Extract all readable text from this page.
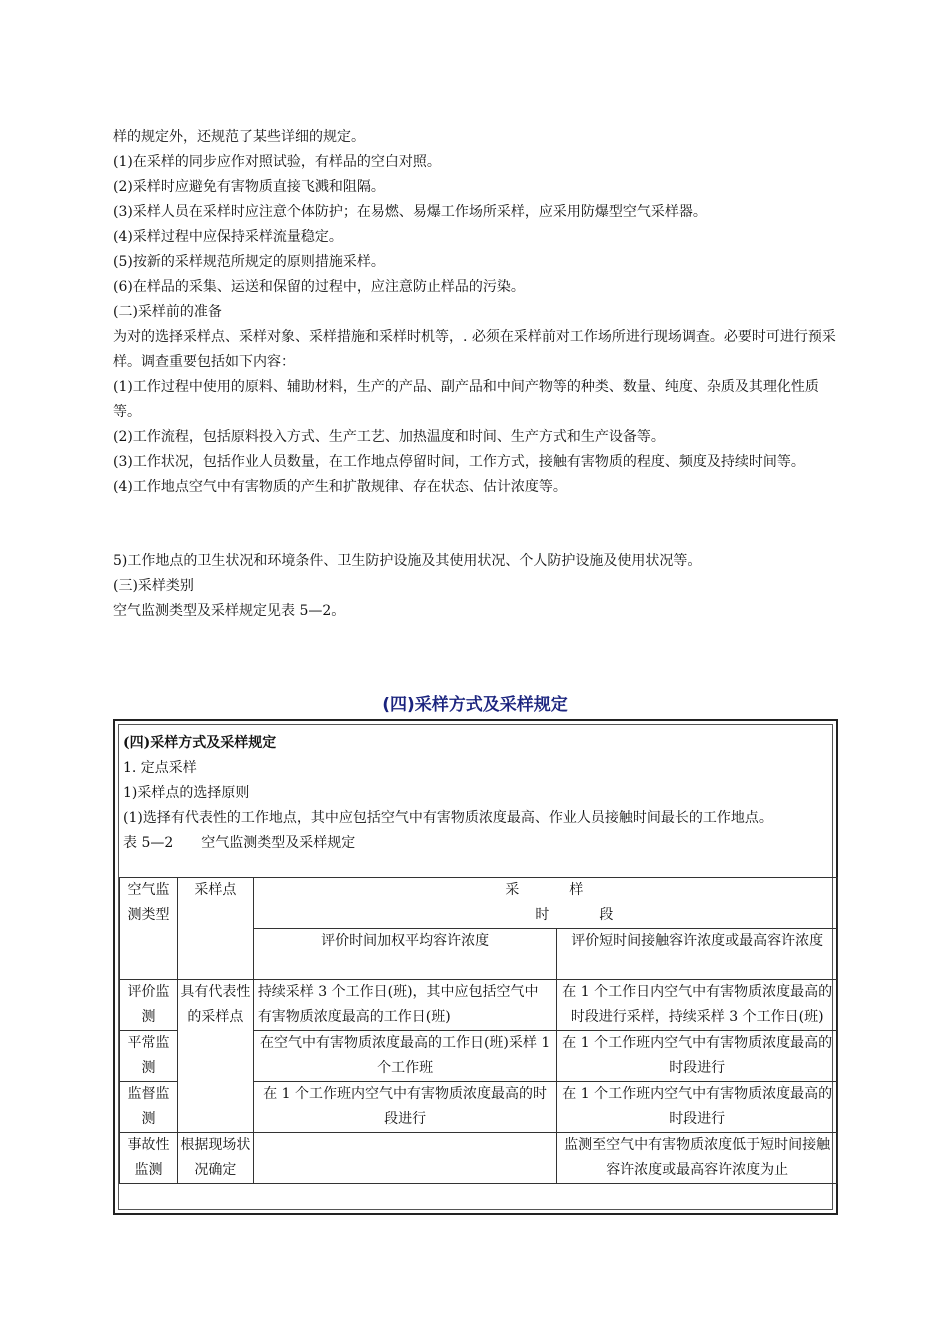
样的规定外，还规范了某些详细的规定。

(1)在采样的同步应作对照试验，有样品的空白对照。

(2)采样时应避免有害物质直接飞溅和阻隔。

(3)采样人员在采样时应注意个体防护；在易燃、易爆工作场所采样，应采用防爆型空气采样器。

(4)采样过程中应保持采样流量稳定。

(5)按新的采样规范所规定的原则措施采样。

(6)在样品的采集、运送和保留的过程中，应注意防止样品的污染。

(二)采样前的准备

为对的选择采样点、采样对象、采样措施和采样时机等，. 必须在采样前对工作场所进行现场调查。必要时可进行预采样。调查重要包括如下内容：

(1)工作过程中使用的原料、辅助材料，生产的产品、副产品和中间产物等的种类、数量、纯度、杂质及其理化性质等。

(2)工作流程，包括原料投入方式、生产工艺、加热温度和时间、生产方式和生产设备等。

(3)工作状况，包括作业人员数量，在工作地点停留时间，工作方式，接触有害物质的程度、频度及持续时间等。

(4)工作地点空气中有害物质的产生和扩散规律、存在状态、估计浓度等。

5)工作地点的卫生状况和环境条件、卫生防护设施及其使用状况、个人防护设施及使用状况等。

(三)采样类别

空气监测类型及采样规定见表 5—2。

(四)采样方式及采样规定

(四)采样方式及采样规定

1. 定点采样

1)采样点的选择原则

(1)选择有代表性的工作地点，其中应包括空气中有害物质浓度最高、作业人员接触时间最长的工作地点。

表 5—2　　空气监测类型及采样规定

空气监测类型	采样点	采　　　样
时　　　段	

		评价时间加权平均容许浓度	评价短时间接触容许浓度或最高容许浓度
评价监测	具有代表性的采样点	持续采样 3 个工作日(班)，其中应包括空气中有害物质浓度最高的工作日(班)	在 1 个工作日内空气中有害物质浓度最高的时段进行采样，持续采样 3 个工作日(班)
平常监测		在空气中有害物质浓度最高的工作日(班)采样 1 个工作班	在 1 个工作班内空气中有害物质浓度最高的时段进行
监督监测		在 1 个工作班内空气中有害物质浓度最高的时段进行	在 1 个工作班内空气中有害物质浓度最高的时段进行
事故性监测	根据现场状况确定		监测至空气中有害物质浓度低于短时间接触容许浓度或最高容许浓度为止
